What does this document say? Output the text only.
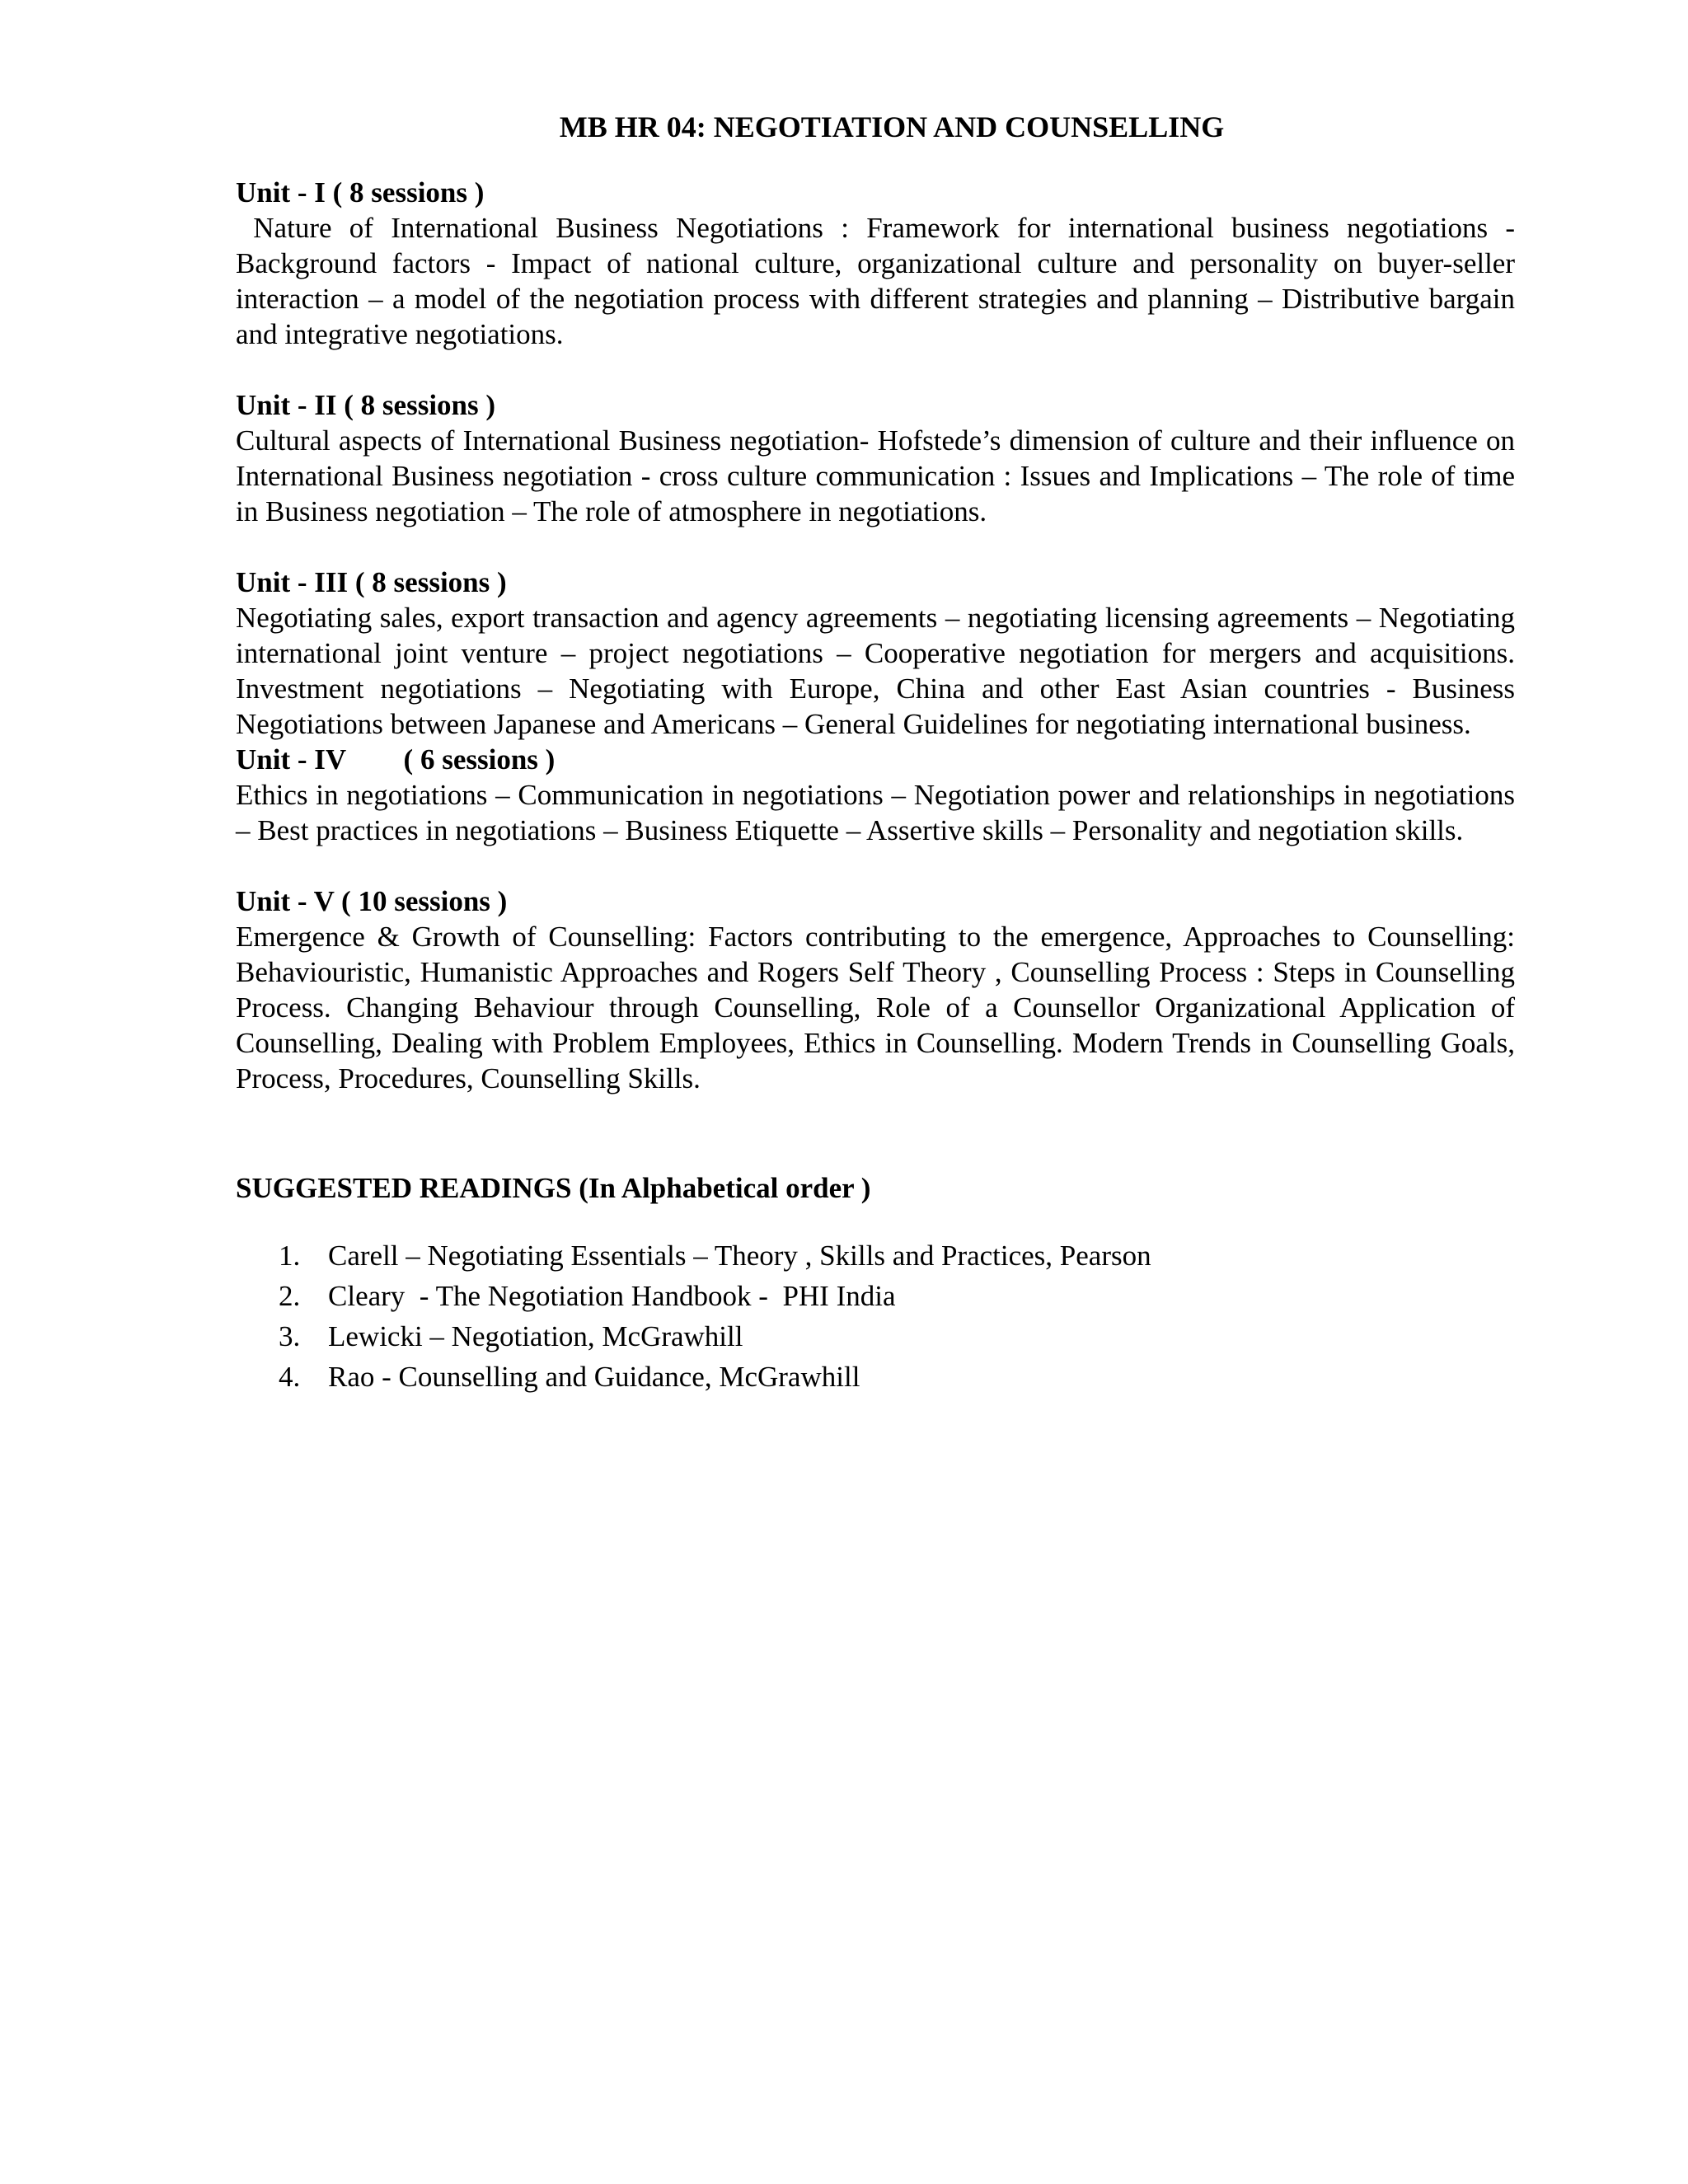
MB HR 04: NEGOTIATION AND COUNSELLING

Unit - I ( 8 sessions )

Nature of International Business Negotiations : Framework for international business negotiations - Background factors - Impact of national culture, organizational culture and personality on buyer-seller interaction – a model of the negotiation process with different strategies and planning – Distributive bargain and integrative negotiations.

Unit - II ( 8 sessions )

Cultural aspects of International Business negotiation- Hofstede’s dimension of culture and their influence on International Business negotiation - cross culture communication : Issues and Implications – The role of time in Business negotiation – The role of atmosphere in negotiations.

Unit - III ( 8 sessions )

Negotiating sales, export transaction and agency agreements – negotiating licensing agreements – Negotiating international joint venture – project negotiations – Cooperative negotiation for mergers and acquisitions. Investment negotiations – Negotiating with Europe, China and other East Asian countries - Business Negotiations between Japanese and Americans – General Guidelines for negotiating international business.

Unit - IV        ( 6 sessions )

Ethics in negotiations – Communication in negotiations – Negotiation power and relationships in negotiations – Best practices in negotiations – Business Etiquette – Assertive skills – Personality and negotiation skills.

Unit - V ( 10 sessions )

Emergence & Growth of Counselling: Factors contributing to the emergence, Approaches to Counselling: Behaviouristic, Humanistic Approaches and Rogers Self Theory , Counselling Process : Steps in Counselling Process. Changing Behaviour through Counselling, Role of a Counsellor Organizational Application of Counselling, Dealing with Problem Employees, Ethics in Counselling. Modern Trends in Counselling Goals, Process, Procedures, Counselling Skills.

SUGGESTED READINGS (In Alphabetical order )
1. Carell – Negotiating Essentials – Theory , Skills and Practices, Pearson
2. Cleary  - The Negotiation Handbook -  PHI India
3. Lewicki – Negotiation, McGrawhill
4. Rao - Counselling and Guidance, McGrawhill
